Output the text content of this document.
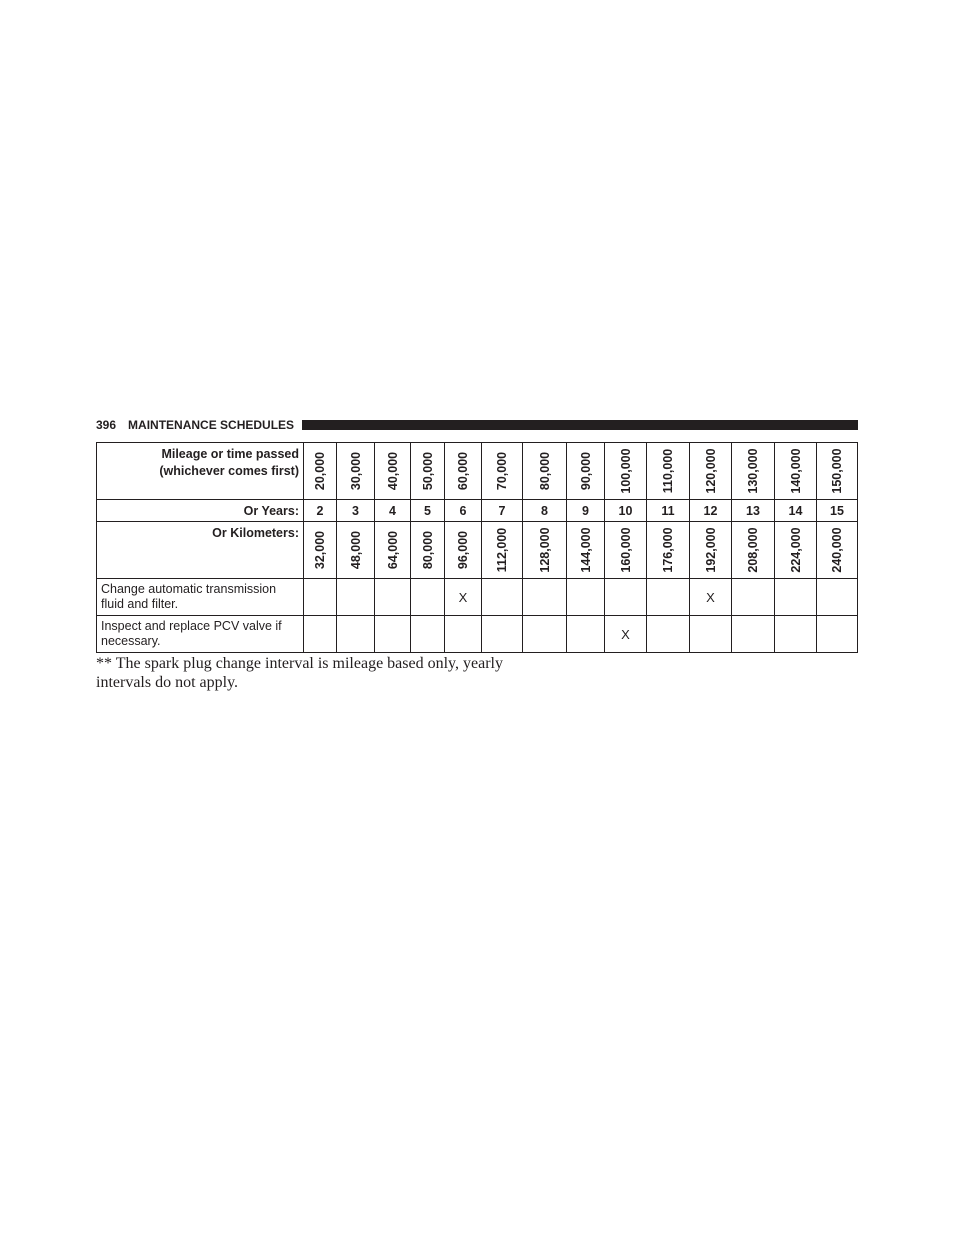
396 MAINTENANCE SCHEDULES
Mileage or time passed
(whichever comes first)	20,000	30,000	40,000	50,000	60,000	70,000	80,000	90,000	100,000	110,000	120,000	130,000	140,000	150,000

Or Years:	2	3	4	5	6	7	8	9	10	11	12	13	14	15
Or Kilometers:	32,000	48,000	64,000	80,000	96,000	112,000	128,000	144,000	160,000	176,000	192,000	208,000	224,000	240,000

Change automatic transmission fluid and filter.					X						X			
Inspect and replace PCV valve if necessary.									X					
** The spark plug change interval is mileage based only, yearly intervals do not apply.
